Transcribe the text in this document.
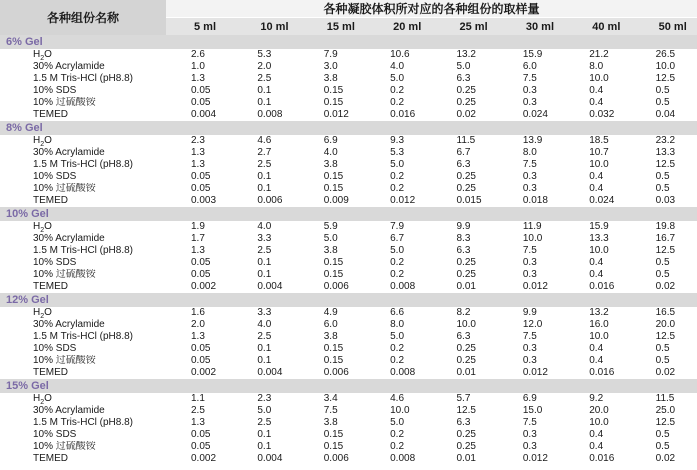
各种组份名称	各种凝胶体积所对应的各种组份的取样量							
	5 ml	10 ml	15 ml	20 ml	25 ml	30 ml	40 ml	50 ml
6% Gel								
$H_2O$	2.6	5.3	7.9	10.6	13.2	15.9	21.2	26.5
30% Acrylamide	1.0	2.0	3.0	4.0	5.0	6.0	8.0	10.0
1.5 M Tris-HCl (pH8.8)	1.3	2.5	3.8	5.0	6.3	7.5	10.0	12.5
10% SDS	0.05	0.1	0.15	0.2	0.25	0.3	0.4	0.5
10% 过硫酸铵	0.05	0.1	0.15	0.2	0.25	0.3	0.4	0.5
TEMED	0.004	0.008	0.012	0.016	0.02	0.024	0.032	0.04
8% Gel								
$H_2O$	2.3	4.6	6.9	9.3	11.5	13.9	18.5	23.2
30% Acrylamide	1.3	2.7	4.0	5.3	6.7	8.0	10.7	13.3
1.5 M Tris-HCl (pH8.8)	1.3	2.5	3.8	5.0	6.3	7.5	10.0	12.5
10% SDS	0.05	0.1	0.15	0.2	0.25	0.3	0.4	0.5
10% 过硫酸铵	0.05	0.1	0.15	0.2	0.25	0.3	0.4	0.5
TEMED	0.003	0.006	0.009	0.012	0.015	0.018	0.024	0.03
10% Gel								
$H_2O$	1.9	4.0	5.9	7.9	9.9	11.9	15.9	19.8
30% Acrylamide	1.7	3.3	5.0	6.7	8.3	10.0	13.3	16.7
1.5 M Tris-HCl (pH8.8)	1.3	2.5	3.8	5.0	6.3	7.5	10.0	12.5
10% SDS	0.05	0.1	0.15	0.2	0.25	0.3	0.4	0.5
10% 过硫酸铵	0.05	0.1	0.15	0.2	0.25	0.3	0.4	0.5
TEMED	0.002	0.004	0.006	0.008	0.01	0.012	0.016	0.02
12% Gel								
$H_2O$	1.6	3.3	4.9	6.6	8.2	9.9	13.2	16.5
30% Acrylamide	2.0	4.0	6.0	8.0	10.0	12.0	16.0	20.0
1.5 M Tris-HCl (pH8.8)	1.3	2.5	3.8	5.0	6.3	7.5	10.0	12.5
10% SDS	0.05	0.1	0.15	0.2	0.25	0.3	0.4	0.5
10% 过硫酸铵	0.05	0.1	0.15	0.2	0.25	0.3	0.4	0.5
TEMED	0.002	0.004	0.006	0.008	0.01	0.012	0.016	0.02
15% Gel								
$H_2O$	1.1	2.3	3.4	4.6	5.7	6.9	9.2	11.5
30% Acrylamide	2.5	5.0	7.5	10.0	12.5	15.0	20.0	25.0
1.5 M Tris-HCl (pH8.8)	1.3	2.5	3.8	5.0	6.3	7.5	10.0	12.5
10% SDS	0.05	0.1	0.15	0.2	0.25	0.3	0.4	0.5
10% 过硫酸铵	0.05	0.1	0.15	0.2	0.25	0.3	0.4	0.5
TEMED	0.002	0.004	0.006	0.008	0.01	0.012	0.016	0.02
